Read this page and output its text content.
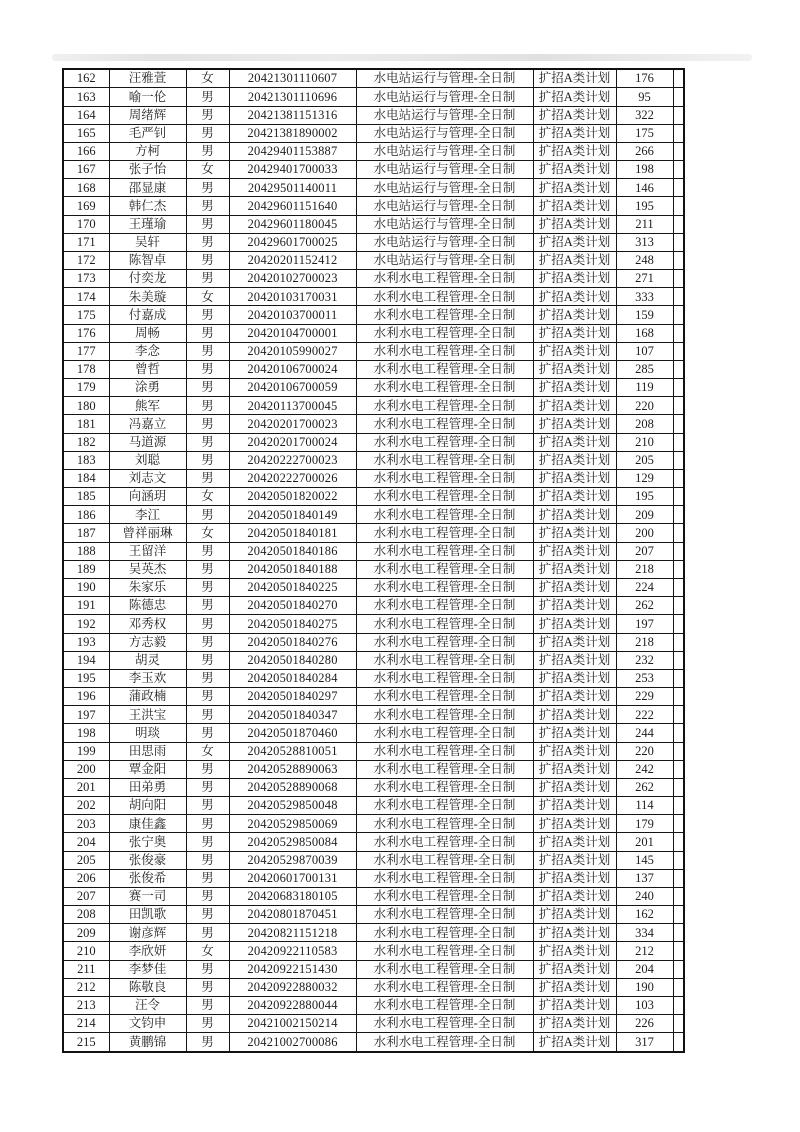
162	汪雅萱	女	20421301110607	水电站运行与管理-全日制	扩招A类计划	176	
163	喻一伦	男	20421301110696	水电站运行与管理-全日制	扩招A类计划	95	
164	周绪辉	男	20421381151316	水电站运行与管理-全日制	扩招A类计划	322	
165	毛严钊	男	20421381890002	水电站运行与管理-全日制	扩招A类计划	175	
166	方柯	男	20429401153887	水电站运行与管理-全日制	扩招A类计划	266	
167	张子怡	女	20429401700033	水电站运行与管理-全日制	扩招A类计划	198	
168	邵显康	男	20429501140011	水电站运行与管理-全日制	扩招A类计划	146	
169	韩仁杰	男	20429601151640	水电站运行与管理-全日制	扩招A类计划	195	
170	王瑾瑜	男	20429601180045	水电站运行与管理-全日制	扩招A类计划	211	
171	吴轩	男	20429601700025	水电站运行与管理-全日制	扩招A类计划	313	
172	陈智卓	男	20420201152412	水电站运行与管理-全日制	扩招A类计划	248	
173	付奕龙	男	20420102700023	水利水电工程管理-全日制	扩招A类计划	271	
174	朱美璇	女	20420103170031	水利水电工程管理-全日制	扩招A类计划	333	
175	付嘉成	男	20420103700011	水利水电工程管理-全日制	扩招A类计划	159	
176	周畅	男	20420104700001	水利水电工程管理-全日制	扩招A类计划	168	
177	李念	男	20420105990027	水利水电工程管理-全日制	扩招A类计划	107	
178	曾哲	男	20420106700024	水利水电工程管理-全日制	扩招A类计划	285	
179	涂勇	男	20420106700059	水利水电工程管理-全日制	扩招A类计划	119	
180	熊军	男	20420113700045	水利水电工程管理-全日制	扩招A类计划	220	
181	冯嘉立	男	20420201700023	水利水电工程管理-全日制	扩招A类计划	208	
182	马道源	男	20420201700024	水利水电工程管理-全日制	扩招A类计划	210	
183	刘聪	男	20420222700023	水利水电工程管理-全日制	扩招A类计划	205	
184	刘志文	男	20420222700026	水利水电工程管理-全日制	扩招A类计划	129	
185	向涵玥	女	20420501820022	水利水电工程管理-全日制	扩招A类计划	195	
186	李江	男	20420501840149	水利水电工程管理-全日制	扩招A类计划	209	
187	曾祥丽琳	女	20420501840181	水利水电工程管理-全日制	扩招A类计划	200	
188	王留洋	男	20420501840186	水利水电工程管理-全日制	扩招A类计划	207	
189	吴英杰	男	20420501840188	水利水电工程管理-全日制	扩招A类计划	218	
190	朱家乐	男	20420501840225	水利水电工程管理-全日制	扩招A类计划	224	
191	陈德忠	男	20420501840270	水利水电工程管理-全日制	扩招A类计划	262	
192	邓秀权	男	20420501840275	水利水电工程管理-全日制	扩招A类计划	197	
193	方志毅	男	20420501840276	水利水电工程管理-全日制	扩招A类计划	218	
194	胡灵	男	20420501840280	水利水电工程管理-全日制	扩招A类计划	232	
195	李玉欢	男	20420501840284	水利水电工程管理-全日制	扩招A类计划	253	
196	蒲政楠	男	20420501840297	水利水电工程管理-全日制	扩招A类计划	229	
197	王洪宝	男	20420501840347	水利水电工程管理-全日制	扩招A类计划	222	
198	明琰	男	20420501870460	水利水电工程管理-全日制	扩招A类计划	244	
199	田思雨	女	20420528810051	水利水电工程管理-全日制	扩招A类计划	220	
200	覃金阳	男	20420528890063	水利水电工程管理-全日制	扩招A类计划	242	
201	田弟勇	男	20420528890068	水利水电工程管理-全日制	扩招A类计划	262	
202	胡向阳	男	20420529850048	水利水电工程管理-全日制	扩招A类计划	114	
203	康佳鑫	男	20420529850069	水利水电工程管理-全日制	扩招A类计划	179	
204	张宁奥	男	20420529850084	水利水电工程管理-全日制	扩招A类计划	201	
205	张俊豪	男	20420529870039	水利水电工程管理-全日制	扩招A类计划	145	
206	张俊希	男	20420601700131	水利水电工程管理-全日制	扩招A类计划	137	
207	赛一司	男	20420683180105	水利水电工程管理-全日制	扩招A类计划	240	
208	田凯歌	男	20420801870451	水利水电工程管理-全日制	扩招A类计划	162	
209	谢彦辉	男	20420821151218	水利水电工程管理-全日制	扩招A类计划	334	
210	李欣妍	女	20420922110583	水利水电工程管理-全日制	扩招A类计划	212	
211	李梦佳	男	20420922151430	水利水电工程管理-全日制	扩招A类计划	204	
212	陈敬良	男	20420922880032	水利水电工程管理-全日制	扩招A类计划	190	
213	汪令	男	20420922880044	水利水电工程管理-全日制	扩招A类计划	103	
214	文钧申	男	20421002150214	水利水电工程管理-全日制	扩招A类计划	226	
215	黄鹏锦	男	20421002700086	水利水电工程管理-全日制	扩招A类计划	317	
